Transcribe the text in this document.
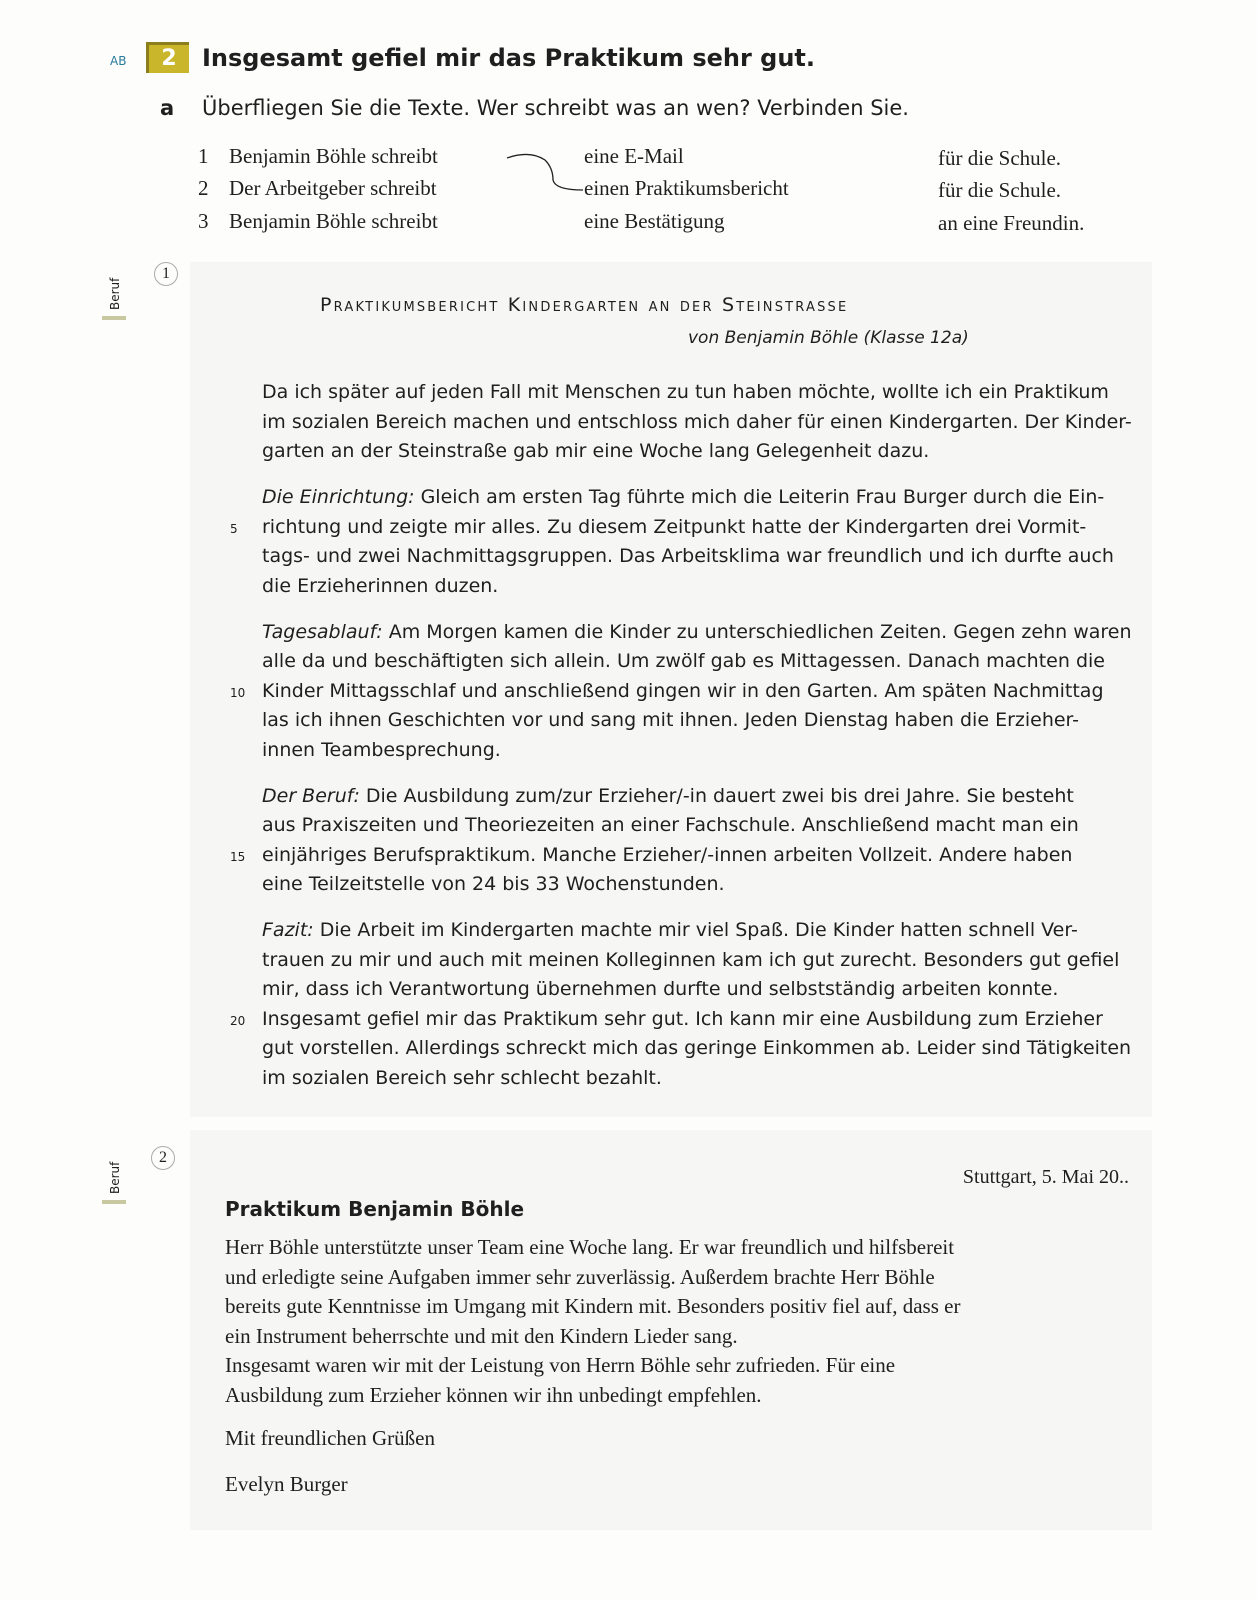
AB	2	Insgesamt gefiel mir das Praktikum sehr gut.
a Überfliegen Sie die Texte. Wer schreibt was an wen? Verbinden Sie.
1 Benjamin Böhle schreibt
2 Der Arbeitgeber schreibt
3 Benjamin Böhle schreibt
eine E-Mail
einen Praktikumsbericht
eine Bestätigung
für die Schule.
für die Schule.
an eine Freundin.
Beruf
1
Praktikumsbericht Kindergarten an der Steinstrasse
von Benjamin Böhle (Klasse 12a)
Da ich später auf jeden Fall mit Menschen zu tun haben möchte, wollte ich ein Praktikum
im sozialen Bereich machen und entschloss mich daher für einen Kindergarten. Der Kinder-
garten an der Steinstraße gab mir eine Woche lang Gelegenheit dazu.
Die Einrichtung: Gleich am ersten Tag führte mich die Leiterin Frau Burger durch die Ein-
5 richtung und zeigte mir alles. Zu diesem Zeitpunkt hatte der Kindergarten drei Vormit-
tags- und zwei Nachmittagsgruppen. Das Arbeitsklima war freundlich und ich durfte auch
die Erzieherinnen duzen.
Tagesablauf: Am Morgen kamen die Kinder zu unterschiedlichen Zeiten. Gegen zehn waren
alle da und beschäftigten sich allein. Um zwölf gab es Mittagessen. Danach machten die
10 Kinder Mittagsschlaf und anschließend gingen wir in den Garten. Am späten Nachmittag
las ich ihnen Geschichten vor und sang mit ihnen. Jeden Dienstag haben die Erzieher-
innen Teambesprechung.
Der Beruf: Die Ausbildung zum/zur Erzieher/-in dauert zwei bis drei Jahre. Sie besteht
aus Praxiszeiten und Theoriezeiten an einer Fachschule. Anschließend macht man ein
15 einjähriges Berufspraktikum. Manche Erzieher/-innen arbeiten Vollzeit. Andere haben
eine Teilzeitstelle von 24 bis 33 Wochenstunden.
Fazit: Die Arbeit im Kindergarten machte mir viel Spaß. Die Kinder hatten schnell Ver-
trauen zu mir und auch mit meinen Kolleginnen kam ich gut zurecht. Besonders gut gefiel
mir, dass ich Verantwortung übernehmen durfte und selbstständig arbeiten konnte.
20 Insgesamt gefiel mir das Praktikum sehr gut. Ich kann mir eine Ausbildung zum Erzieher
gut vorstellen. Allerdings schreckt mich das geringe Einkommen ab. Leider sind Tätigkeiten
im sozialen Bereich sehr schlecht bezahlt.
Beruf
2
Stuttgart, 5. Mai 20..
Praktikum Benjamin Böhle
Herr Böhle unterstützte unser Team eine Woche lang. Er war freundlich und hilfsbereit
und erledigte seine Aufgaben immer sehr zuverlässig. Außerdem brachte Herr Böhle
bereits gute Kenntnisse im Umgang mit Kindern mit. Besonders positiv fiel auf, dass er
ein Instrument beherrschte und mit den Kindern Lieder sang.
Insgesamt waren wir mit der Leistung von Herrn Böhle sehr zufrieden. Für eine
Ausbildung zum Erzieher können wir ihn unbedingt empfehlen.
Mit freundlichen Grüßen
Evelyn Burger
